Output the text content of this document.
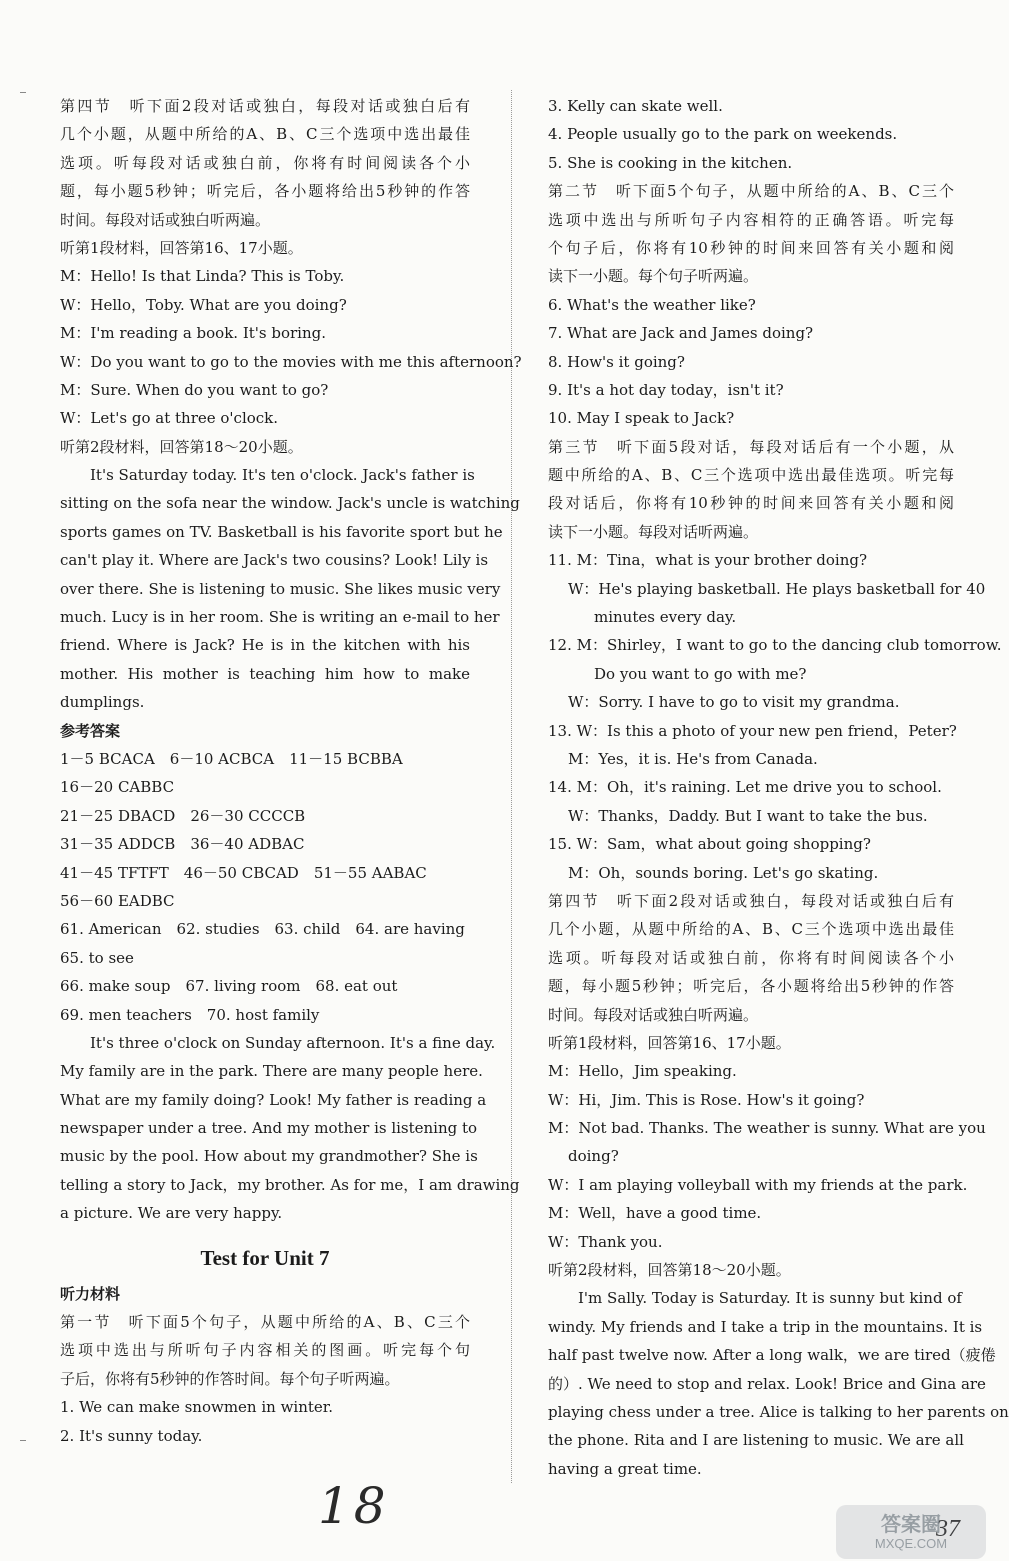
第四节　听下面2段对话或独白，每段对话或独白后有
几个小题，从题中所给的A、B、C三个选项中选出最佳
选项。听每段对话或独白前，你将有时间阅读各个小
题，每小题5秒钟；听完后，各小题将给出5秒钟的作答
时间。每段对话或独白听两遍。
听第1段材料，回答第16、17小题。
M：Hello! Is that Linda? This is Toby.
W：Hello，Toby. What are you doing?
M：I'm reading a book. It's boring.
W：Do you want to go to the movies with me this afternoon?
M：Sure. When do you want to go?
W：Let's go at three o'clock.
听第2段材料，回答第18～20小题。
It's Saturday today. It's ten o'clock. Jack's father is
sitting on the sofa near the window. Jack's uncle is watching
sports games on TV. Basketball is his favorite sport but he
can't play it. Where are Jack's two cousins? Look! Lily is
over there. She is listening to music. She likes music very
much. Lucy is in her room. She is writing an e-mail to her
friend. Where is Jack? He is in the kitchen with his
mother. His mother is teaching him how to make
dumplings.
参考答案
1－5 BCACA　6－10 ACBCA　11－15 BCBBA
16－20 CABBC
21－25 DBACD　26－30 CCCCB
31－35 ADDCB　36－40 ADBAC
41－45 TFTFT　46－50 CBCAD　51－55 AABAC
56－60 EADBC
61. American　62. studies　63. child　64. are having
65. to see
66. make soup　67. living room　68. eat out
69. men teachers　70. host family
It's three o'clock on Sunday afternoon. It's a fine day.
My family are in the park. There are many people here.
What are my family doing? Look! My father is reading a
newspaper under a tree. And my mother is listening to
music by the pool. How about my grandmother? She is
telling a story to Jack，my brother. As for me，I am drawing
a picture. We are very happy.
Test for Unit 7
听力材料
第一节　听下面5个句子，从题中所给的A、B、C三个
选项中选出与所听句子内容相关的图画。听完每个句
子后，你将有5秒钟的作答时间。每个句子听两遍。
1. We can make snowmen in winter.
2. It's sunny today.
3. Kelly can skate well.
4. People usually go to the park on weekends.
5. She is cooking in the kitchen.
第二节　听下面5个句子，从题中所给的A、B、C三个
选项中选出与所听句子内容相符的正确答语。听完每
个句子后，你将有10秒钟的时间来回答有关小题和阅
读下一小题。每个句子听两遍。
6. What's the weather like?
7. What are Jack and James doing?
8. How's it going?
9. It's a hot day today，isn't it?
10. May I speak to Jack?
第三节　听下面5段对话，每段对话后有一个小题，从
题中所给的A、B、C三个选项中选出最佳选项。听完每
段对话后，你将有10秒钟的时间来回答有关小题和阅
读下一小题。每段对话听两遍。
11. M：Tina，what is your brother doing?
W：He's playing basketball. He plays basketball for 40
minutes every day.
12. M：Shirley，I want to go to the dancing club tomorrow.
Do you want to go with me?
W：Sorry. I have to go to visit my grandma.
13. W：Is this a photo of your new pen friend，Peter?
M：Yes，it is. He's from Canada.
14. M：Oh，it's raining. Let me drive you to school.
W：Thanks，Daddy. But I want to take the bus.
15. W：Sam，what about going shopping?
M：Oh，sounds boring. Let's go skating.
第四节　听下面2段对话或独白，每段对话或独白后有
几个小题，从题中所给的A、B、C三个选项中选出最佳
选项。听每段对话或独白前，你将有时间阅读各个小
题，每小题5秒钟；听完后，各小题将给出5秒钟的作答
时间。每段对话或独白听两遍。
听第1段材料，回答第16、17小题。
M：Hello，Jim speaking.
W：Hi，Jim. This is Rose. How's it going?
M：Not bad. Thanks. The weather is sunny. What are you
doing?
W：I am playing volleyball with my friends at the park.
M：Well，have a good time.
W：Thank you.
听第2段材料，回答第18～20小题。
I'm Sally. Today is Saturday. It is sunny but kind of
windy. My friends and I take a trip in the mountains. It is
half past twelve now. After a long walk，we are tired（疲倦
的）. We need to stop and relax. Look! Brice and Gina are
playing chess under a tree. Alice is talking to her parents on
the phone. Rita and I are listening to music. We are all
having a great time.
18	37
答案圈
MXQE.COM
